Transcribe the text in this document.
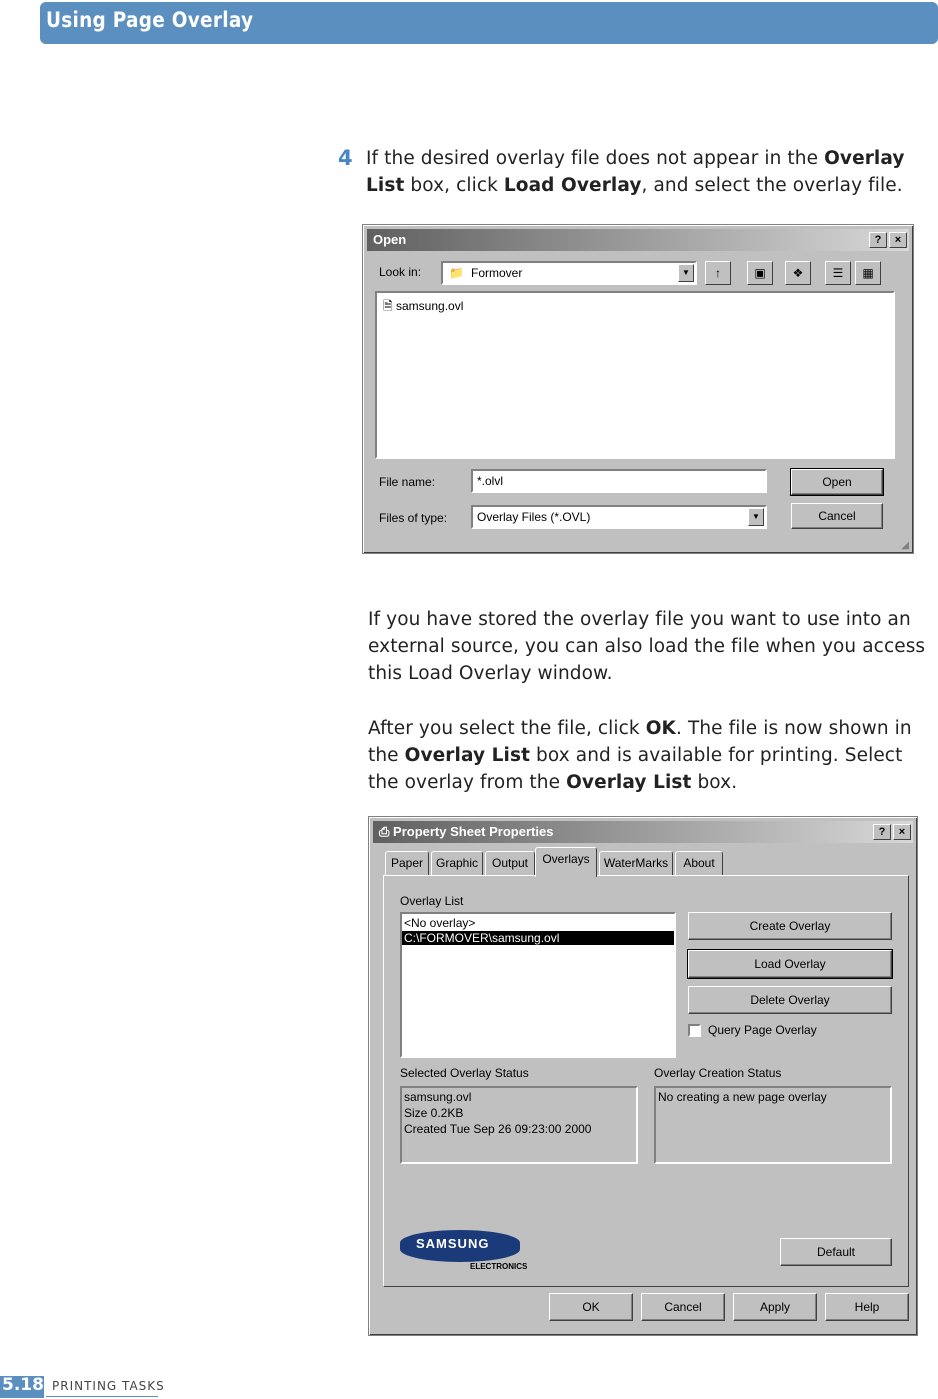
Using Page Overlay
4 If the desired overlay file does not appear in the Overlay List box, click Load Overlay, and select the overlay file.
Open	?	×
Look in: 📁 Formover	▼	↑	▣	❖	☰	▦
🗎 samsung.ovl
File name:	*.olvl
Files of type: Overlay Files (*.OVL)	▼
Open
Cancel
◢
If you have stored the overlay file you want to use into an external source, you can also load the file when you access this Load Overlay window.
After you select the file, click OK. The file is now shown in the Overlay List box and is available for printing. Select the overlay from the Overlay List box.
⎙ Property Sheet Properties	?	×
Paper	Graphic	Output	Overlays	WaterMarks	About
Overlay List
<No overlay>
C:\FORMOVER\samsung.ovl
Create Overlay
Load Overlay
Delete Overlay
Query Page Overlay
Selected Overlay Status
samsung.ovl
Size 0.2KB
Created Tue Sep 26 09:23:00 2000
Overlay Creation Status
No creating a new page overlay
SAMSUNG
ELECTRONICS
Default
OK	Cancel	Apply	Help
5.18 PRINTING TASKS
